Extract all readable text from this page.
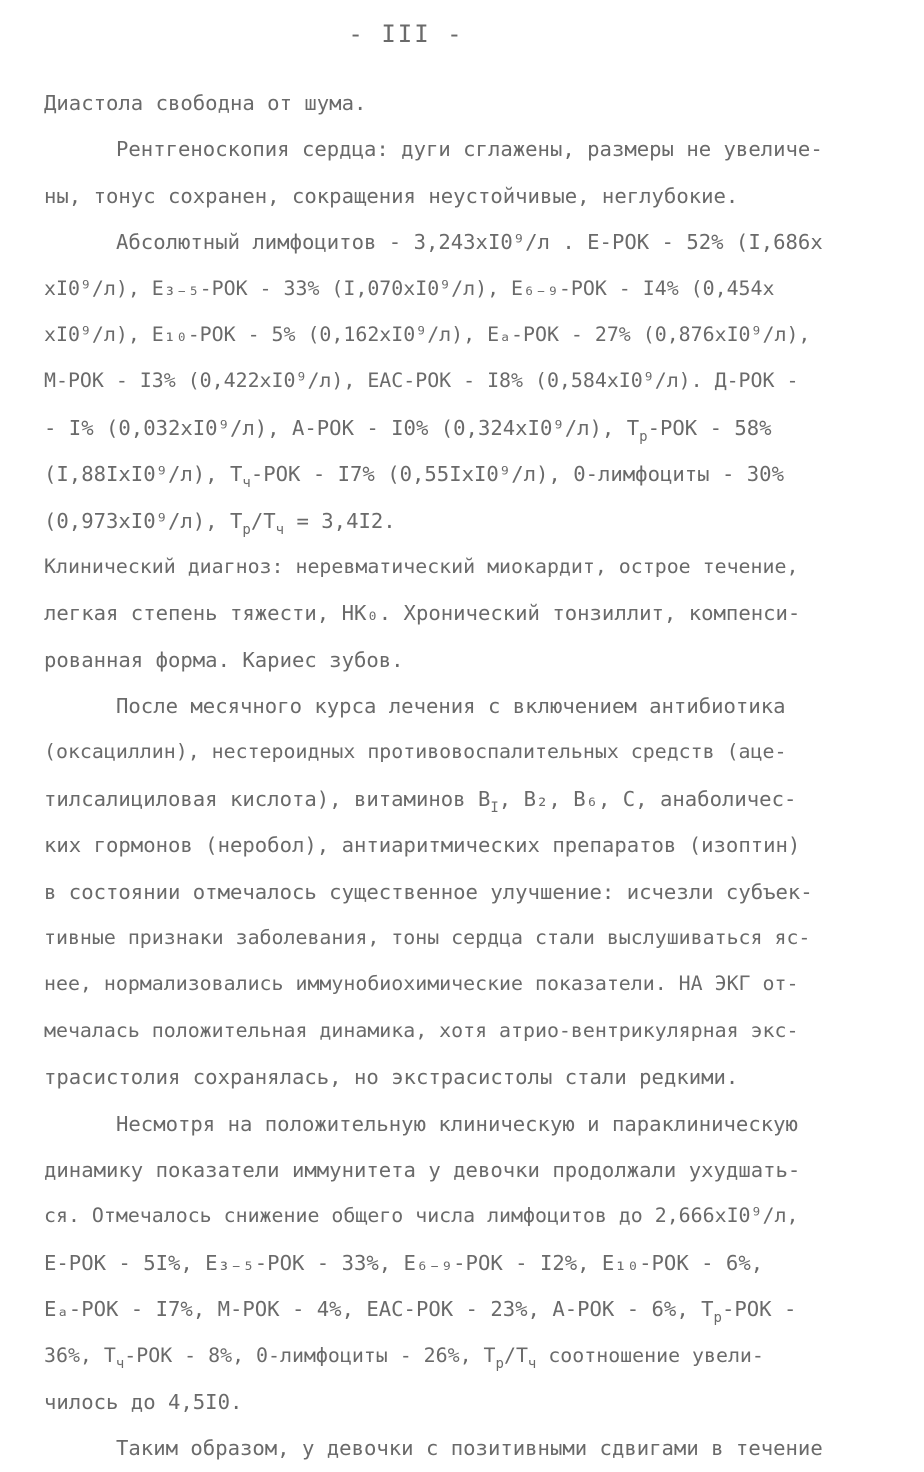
- III -
Диастола свободна от шума.
Рентгеноскопия сердца: дуги сглажены, размеры не увеличе-
ны, тонус сохранен, сокращения неустойчивые, неглубокие.
Абсолютный лимфоцитов - 3,243xI0⁹/л . Е-РОК - 52% (I,686x
xI0⁹/л), Е₃₋₅-РОК - 33% (I,070xI0⁹/л), Е₆₋₉-РОК - I4% (0,454x
xI0⁹/л), Е₁₀-РОК - 5% (0,162xI0⁹/л), Еₐ-РОК - 27% (0,876xI0⁹/л),
М-РОК - I3% (0,422xI0⁹/л), ЕАС-РОК - I8% (0,584xI0⁹/л). Д-РОК -
- I% (0,032xI0⁹/л), А-РОК - I0% (0,324xI0⁹/л), $Т_р$-РОК - 58%
(I,88IxI0⁹/л), $Т_ч$-РОК - I7% (0,55IxI0⁹/л), 0-лимфоциты - 30%
(0,973xI0⁹/л), $Т_р/Т_ч = 3,4I2$.
Клинический диагноз: неревматический миокардит, острое течение,
легкая степень тяжести, НК₀. Хронический тонзиллит, компенси-
рованная форма. Кариес зубов.
После месячного курса лечения с включением антибиотика
(оксациллин), нестероидных противовоспалительных средств (аце-
тилсалициловая кислота), витаминов $В_I$, В₂, В₆, С, анаболичес-
ких гормонов (неробол), антиаритмических препаратов (изоптин)
в состоянии отмечалось существенное улучшение: исчезли субъек-
тивные признаки заболевания, тоны сердца стали выслушиваться яс-
нее, нормализовались иммунобиохимические показатели. НА ЭКГ от-
мечалась положительная динамика, хотя атрио-вентрикулярная экс-
трасистолия сохранялась, но экстрасистолы стали редкими.
Несмотря на положительную клиническую и параклиническую
динамику показатели иммунитета у девочки продолжали ухудшать-
ся. Отмечалось снижение общего числа лимфоцитов до 2,666xI0⁹/л,
Е-РОК - 5I%, Е₃₋₅-РОК - 33%, Е₆₋₉-РОК - I2%, Е₁₀-РОК - 6%,
Еₐ-РОК - I7%, М-РОК - 4%, ЕАС-РОК - 23%, А-РОК - 6%, $Т_р$-РОК -
36%, $Т_ч$-РОК - 8%, 0-лимфоциты - 26%, $Т_р/Т_ч$ соотношение увели-
чилось до 4,5I0.
Таким образом, у девочки с позитивными сдвигами в течение
